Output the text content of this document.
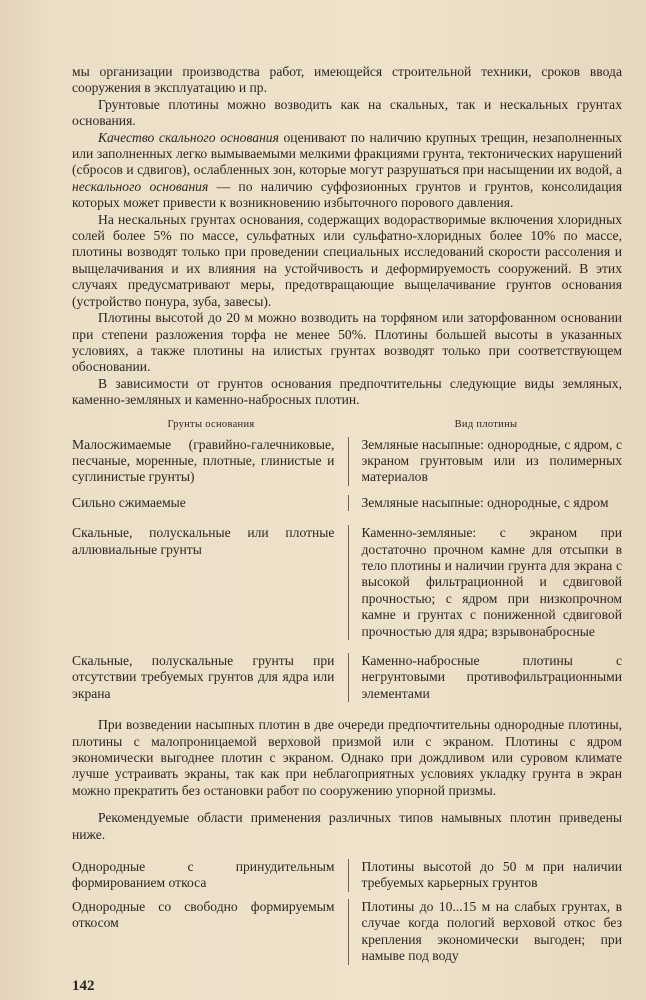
мы организации производства работ, имеющейся строительной техники, сроков ввода сооружения в эксплуатацию и пр.

Грунтовые плотины можно возводить как на скальных, так и нескальных грунтах основания.

Качество скального основания оценивают по наличию крупных трещин, незаполненных или заполненных легко вымываемыми мелкими фракциями грунта, тектонических нарушений (сбросов и сдвигов), ослабленных зон, которые могут разрушаться при насыщении их водой, а нескального основания — по наличию суффозионных грунтов и грунтов, консолидация которых может привести к возникновению избыточного порового давления.

На нескальных грунтах основания, содержащих водорастворимые включения хлоридных солей более 5% по массе, сульфатных или сульфатно-хлоридных более 10% по массе, плотины возводят только при проведении специальных исследований скорости рассоления и выщелачивания и их влияния на устойчивость и деформируемость сооружений. В этих случаях предусматривают меры, предотвращающие выщелачивание грунтов основания (устройство понура, зуба, завесы).

Плотины высотой до 20 м можно возводить на торфяном или заторфованном основании при степени разложения торфа не менее 50%. Плотины большей высоты в указанных условиях, а также плотины на илистых грунтах возводят только при соответствующем обосновании.

В зависимости от грунтов основания предпочтительны следующие виды земляных, каменно-земляных и каменно-набросных плотин.

Грунты основания	Вид плотины
Малосжимаемые (гравийно-галечниковые, песчаные, моренные, плотные, глинистые и суглинистые грунты)
Земляные насыпные: однородные, с ядром, с экраном грунтовым или из полимерных материалов
Сильно сжимаемые	Земляные насыпные: однородные, с ядром
Скальные, полускальные или плотные аллювиальные грунты
Каменно-земляные: с экраном при достаточно прочном камне для отсыпки в тело плотины и наличии грунта для экрана с высокой фильтрационной и сдвиговой прочностью; с ядром при низкопрочном камне и грунтах с пониженной сдвиговой прочностью для ядра; взрывонабросные
Скальные, полускальные грунты при отсутствии требуемых грунтов для ядра или экрана
Каменно-набросные плотины с негрунтовыми противофильтрационными элементами

При возведении насыпных плотин в две очереди предпочтительны однородные плотины, плотины с малопроницаемой верховой призмой или с экраном. Плотины с ядром экономически выгоднее плотин с экраном. Однако при дождливом или суровом климате лучше устраивать экраны, так как при неблагоприятных условиях укладку грунта в экран можно прекратить без остановки работ по сооружению упорной призмы.

Рекомендуемые области применения различных типов намывных плотин приведены ниже.

Однородные с принудительным формированием откоса
Плотины высотой до 50 м при наличии требуемых карьерных грунтов
Однородные со свободно формируемым откосом
Плотины до 10...15 м на слабых грунтах, в случае когда пологий верховой откос без крепления экономически выгоден; при намыве под воду
142
